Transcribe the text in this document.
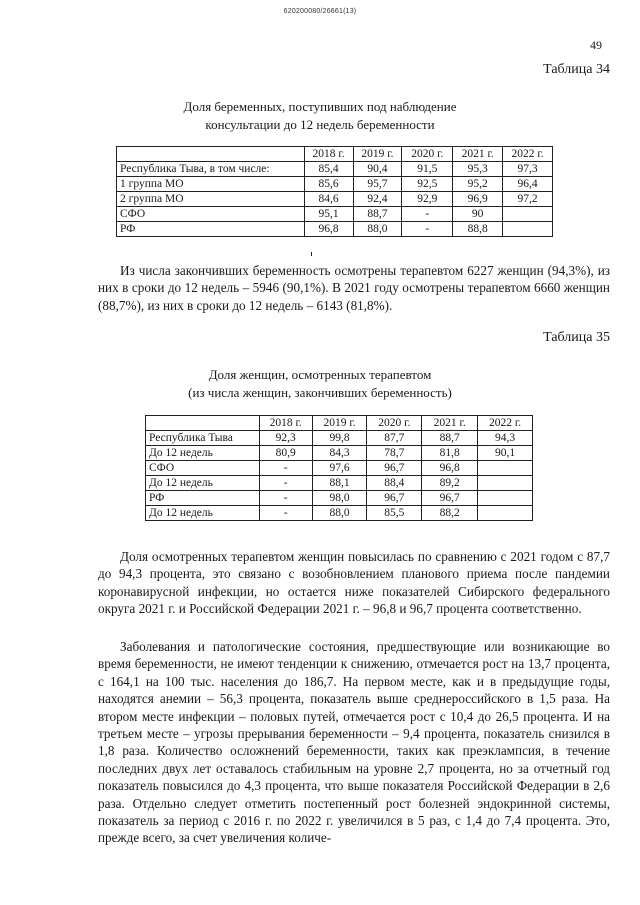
620200080/26661(13)
49
Таблица 34
Доля беременных, поступивших под наблюдение
консультации до 12 недель беременности
	2018 г.	2019 г.	2020 г.	2021 г.	2022 г.
Республика Тыва, в том числе:	85,4	90,4	91,5	95,3	97,3
1 группа МО	85,6	95,7	92,5	95,2	96,4
2 группа МО	84,6	92,4	92,9	96,9	97,2
СФО	95,1	88,7	-	90	
РФ	96,8	88,0	-	88,8	

Из числа закончивших беременность осмотрены терапевтом 6227 женщин (94,3%), из них в сроки до 12 недель – 5946 (90,1%). В 2021 году осмотрены терапевтом 6660 женщин (88,7%), из них в сроки до 12 недель – 6143 (81,8%).

Таблица 35
Доля женщин, осмотренных терапевтом
(из числа женщин, закончивших беременность)
	2018 г.	2019 г.	2020 г.	2021 г.	2022 г.
Республика Тыва	92,3	99,8	87,7	88,7	94,3
До 12 недель	80,9	84,3	78,7	81,8	90,1
СФО	-	97,6	96,7	96,8	
До 12 недель	-	88,1	88,4	89,2	
РФ	-	98,0	96,7	96,7	
До 12 недель	-	88,0	85,5	88,2	

Доля осмотренных терапевтом женщин повысилась по сравнению с 2021 годом с 87,7 до 94,3 процента, это связано с возобновлением планового приема после пандемии коронавирусной инфекции, но остается ниже показателей Сибирского федерального округа 2021 г. и Российской Федерации 2021 г. – 96,8 и 96,7 процента соответственно.

Заболевания и патологические состояния, предшествующие или возникающие во время беременности, не имеют тенденции к снижению, отмечается рост на 13,7 процента, с 164,1 на 100 тыс. населения до 186,7. На первом месте, как и в предыдущие годы, находятся анемии – 56,3 процента, показатель выше среднероссийского в 1,5 раза. На втором месте инфекции – половых путей, отмечается рост с 10,4 до 26,5 процента. И на третьем месте – угрозы прерывания беременности – 9,4 процента, показатель снизился в 1,8 раза. Количество осложнений беременности, таких как преэклампсия, в течение последних двух лет оставалось стабильным на уровне 2,7 процента, но за отчетный год показатель повысился до 4,3 процента, что выше показателя Российской Федерации в 2,6 раза. Отдельно следует отметить постепенный рост болезней эндокринной системы, показатель за период с 2016 г. по 2022 г. увеличился в 5 раз, с 1,4 до 7,4 процента. Это, прежде всего, за счет увеличения количе-
